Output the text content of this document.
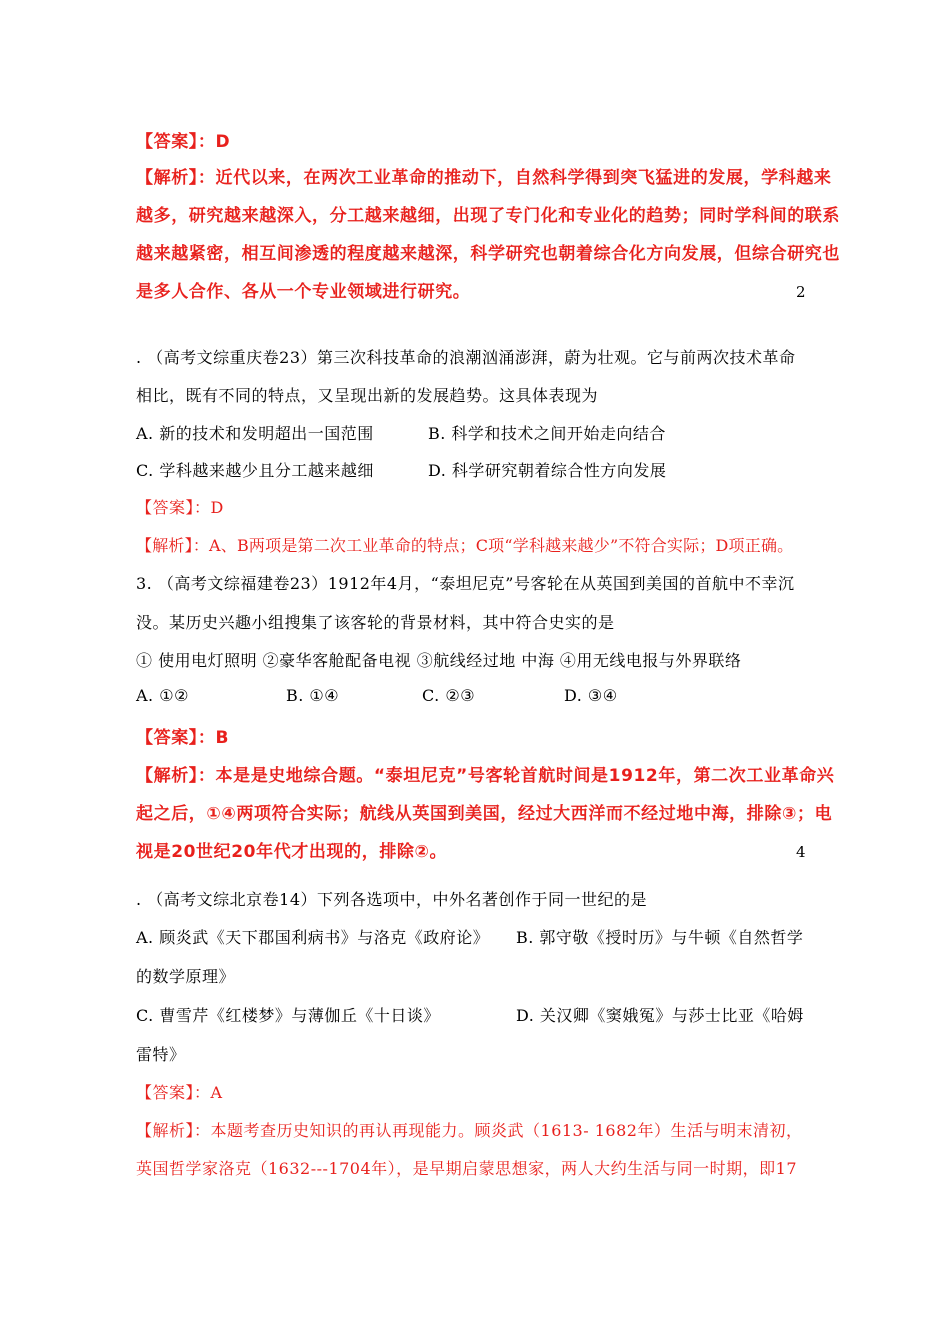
【答案】：D
【解析】：近代以来，在两次工业革命的推动下，自然科学得到突飞猛进的发展，学科越来
越多，研究越来越深入，分工越来越细，出现了专门化和专业化的趋势；同时学科间的联系
越来越紧密，相互间渗透的程度越来越深，科学研究也朝着综合化方向发展，但综合研究也
是多人合作、各从一个专业领域进行研究。	2
. （高考文综重庆卷23）第三次科技革命的浪潮汹涌澎湃，蔚为壮观。它与前两次技术革命
相比，既有不同的特点，又呈现出新的发展趋势。这具体表现为
A. 新的技术和发明超出一国范围	B. 科学和技术之间开始走向结合
C. 学科越来越少且分工越来越细	D. 科学研究朝着综合性方向发展
【答案】：D
【解析】：A、B两项是第二次工业革命的特点；C项“学科越来越少”不符合实际；D项正确。
3. （高考文综福建卷23）1912年4月，“泰坦尼克”号客轮在从英国到美国的首航中不幸沉
没。某历史兴趣小组搜集了该客轮的背景材料，其中符合史实的是
① 使用电灯照明 ②豪华客舱配备电视 ③航线经过地 中海 ④用无线电报与外界联络
A. ①②	B. ①④	C. ②③	D. ③④
【答案】：B
【解析】：本是是史地综合题。“泰坦尼克”号客轮首航时间是1912年，第二次工业革命兴
起之后，①④两项符合实际；航线从英国到美国，经过大西洋而不经过地中海，排除③；电
视是20世纪20年代才出现的，排除②。	4
. （高考文综北京卷14）下列各选项中，中外名著创作于同一世纪的是
A. 顾炎武《天下郡国利病书》与洛克《政府论》 B. 郭守敬《授时历》与牛顿《自然哲学
的数学原理》
C. 曹雪芹《红楼梦》与薄伽丘《十日谈》	D. 关汉卿《窦娥冤》与莎士比亚《哈姆
雷特》
【答案】：A
【解析】：本题考查历史知识的再认再现能力。顾炎武（1613- 1682年）生活与明末清初，
英国哲学家洛克（1632---1704年），是早期启蒙思想家，两人大约生活与同一时期，即17
